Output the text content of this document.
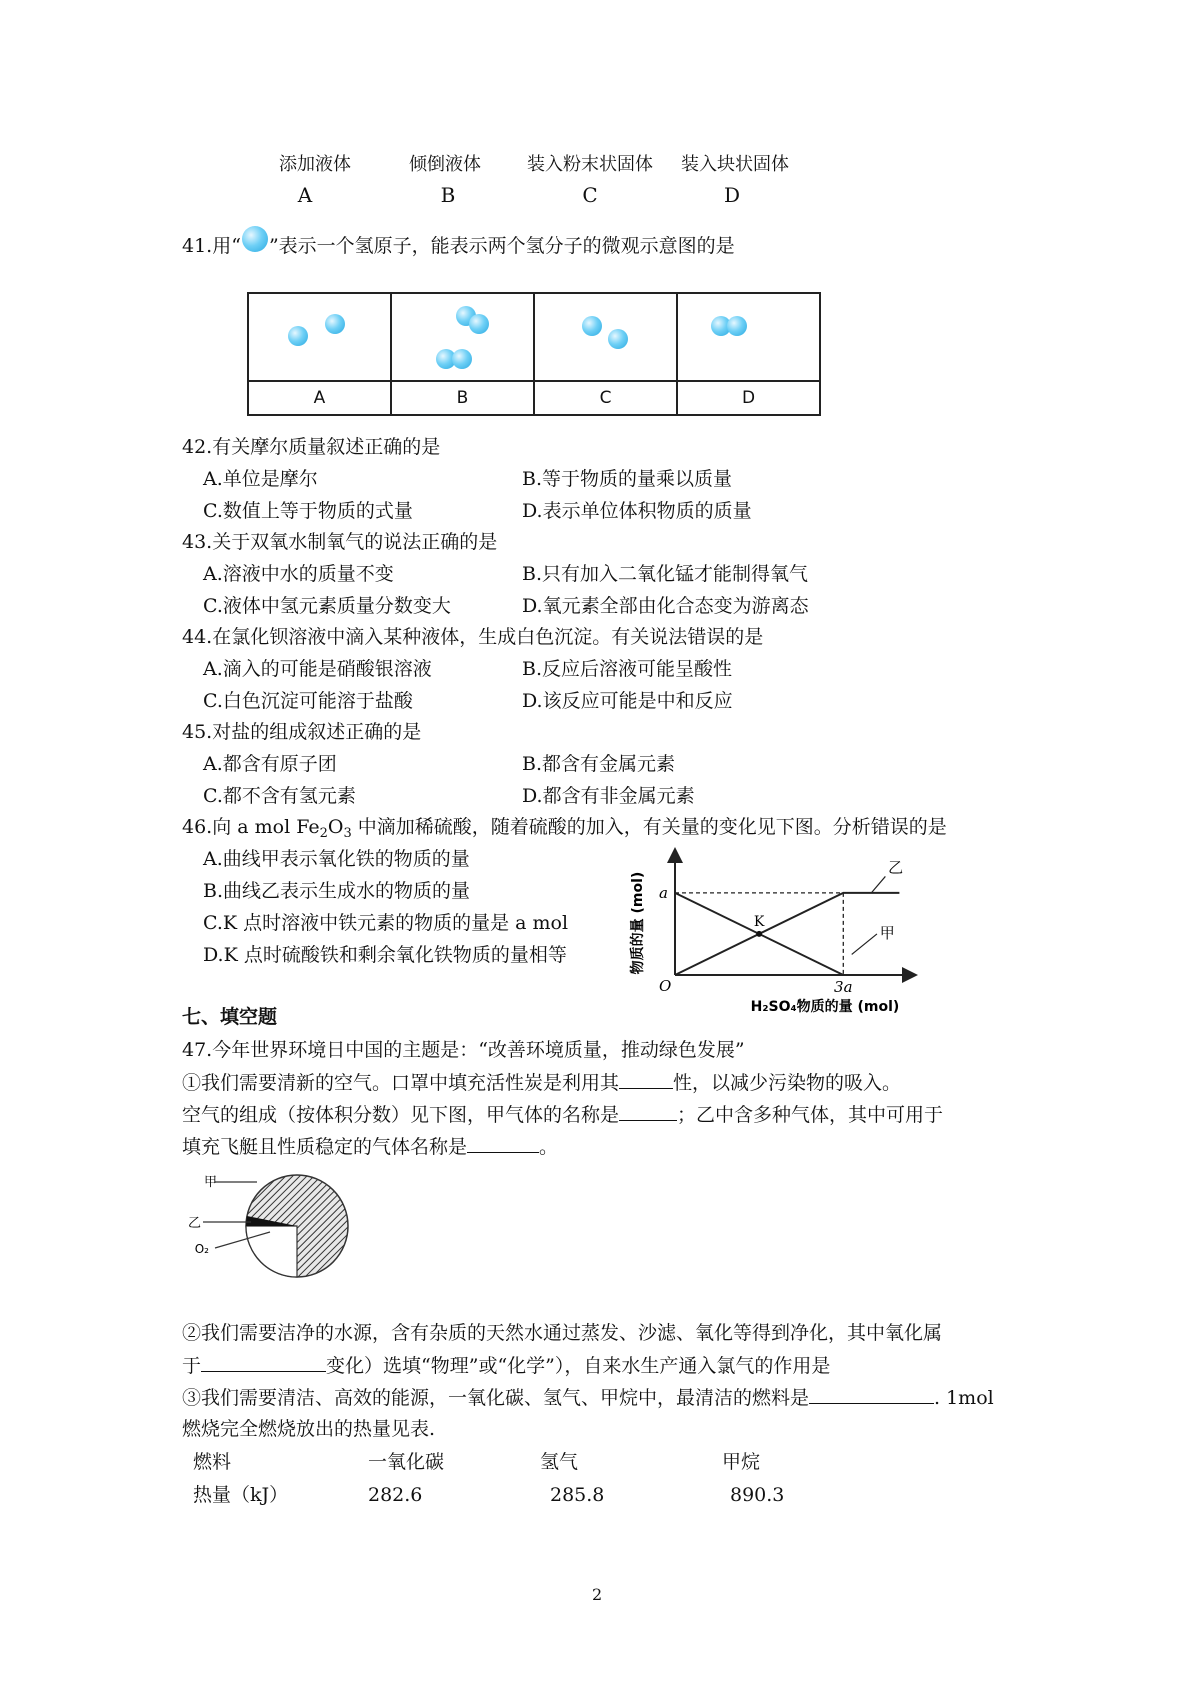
添加液体	倾倒液体	装入粉末状固体	装入块状固体
A	B	C	D
41.用“ ”表示一个氢原子，能表示两个氢分子的微观示意图的是

A	B	C	D
42.有关摩尔质量叙述正确的是
A.单位是摩尔	B.等于物质的量乘以质量
C.数值上等于物质的式量	D.表示单位体积物质的质量
43.关于双氧水制氧气的说法正确的是
A.溶液中水的质量不变	B.只有加入二氧化锰才能制得氧气
C.液体中氢元素质量分数变大	D.氧元素全部由化合态变为游离态
44.在氯化钡溶液中滴入某种液体，生成白色沉淀。有关说法错误的是
A.滴入的可能是硝酸银溶液	B.反应后溶液可能呈酸性
C.白色沉淀可能溶于盐酸	D.该反应可能是中和反应
45.对盐的组成叙述正确的是
A.都含有原子团	B.都含有金属元素
C.都不含有氢元素	D.都含有非金属元素
46.向 a mol $Fe_2O_3$ 中滴加稀硫酸，随着硫酸的加入，有关量的变化见下图。分析错误的是
A.曲线甲表示氧化铁的物质的量
B.曲线乙表示生成水的物质的量
C.K 点时溶液中铁元素的物质的量是 a mol
D.K 点时硫酸铁和剩余氧化铁物质的量相等
乙
甲
物质的量 (mol)
H₂SO₄物质的量 (mol)
O
a
3a
K
七、填空题
47.今年世界环境日中国的主题是：“改善环境质量，推动绿色发展”
①我们需要清新的空气。口罩中填充活性炭是利用其	性，以减少污染物的吸入。
空气的组成（按体积分数）见下图，甲气体的名称是	；乙中含多种气体，其中可用于
填充飞艇且性质稳定的气体名称是	。
甲
乙
O₂
②我们需要洁净的水源，含有杂质的天然水通过蒸发、沙滤、氧化等得到净化，其中氧化属
于	变化）选填“物理”或“化学”），自来水生产通入氯气的作用是
③我们需要清洁、高效的能源，一氧化碳、氢气、甲烷中，最清洁的燃料是	. 1mol
燃烧完全燃烧放出的热量见表.
燃料	一氧化碳	氢气	甲烷
热量（kJ）	282.6	285.8	890.3
2
